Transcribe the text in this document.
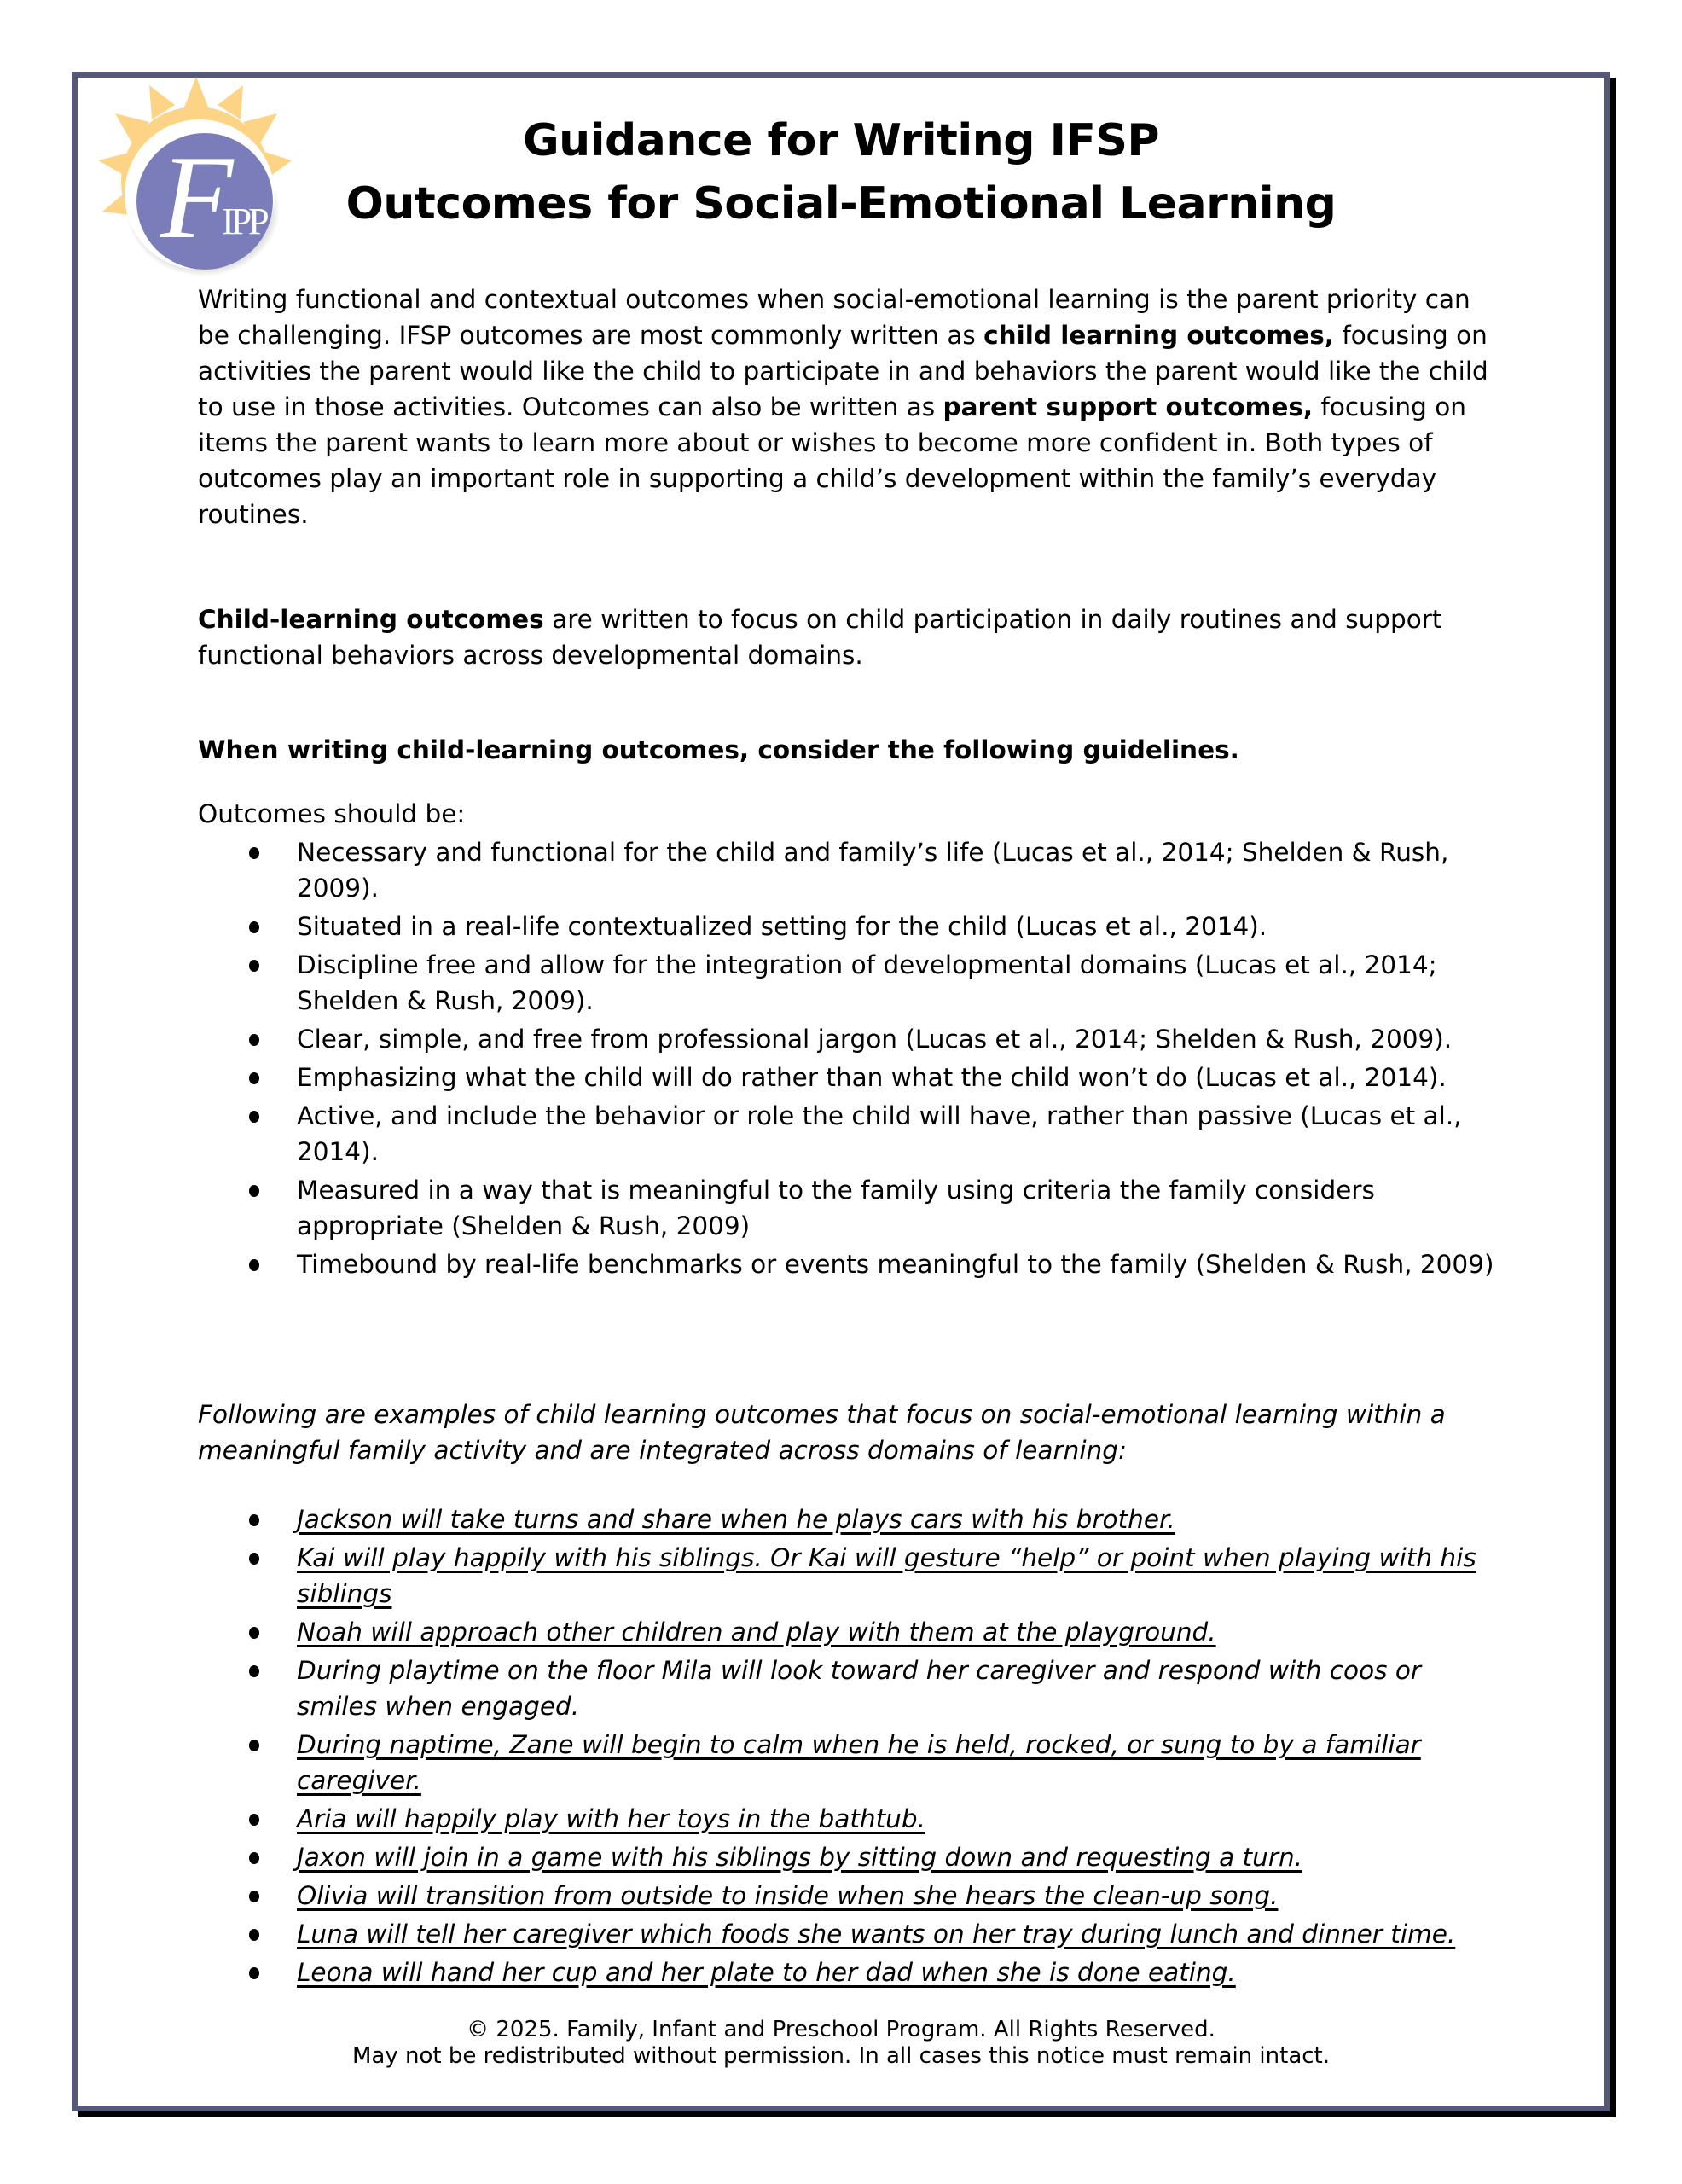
F
IPP
Guidance for Writing IFSP
Outcomes for Social-Emotional Learning

Writing functional and contextual outcomes when social-emotional learning is the parent priority can be challenging. IFSP outcomes are most commonly written as child learning outcomes, focusing on activities the parent would like the child to participate in and behaviors the parent would like the child to use in those activities. Outcomes can also be written as parent support outcomes, focusing on items the parent wants to learn more about or wishes to become more confident in. Both types of outcomes play an important role in supporting a child’s development within the family’s everyday routines.

Child-learning outcomes are written to focus on child participation in daily routines and support functional behaviors across developmental domains.

When writing child-learning outcomes, consider the following guidelines.

Outcomes should be:

Necessary and functional for the child and family’s life (Lucas et al., 2014; Shelden & Rush, 2009).
Situated in a real-life contextualized setting for the child (Lucas et al., 2014).
Discipline free and allow for the integration of developmental domains (Lucas et al., 2014; Shelden & Rush, 2009).
Clear, simple, and free from professional jargon (Lucas et al., 2014; Shelden & Rush, 2009).
Emphasizing what the child will do rather than what the child won’t do (Lucas et al., 2014).
Active, and include the behavior or role the child will have, rather than passive (Lucas et al., 2014).
Measured in a way that is meaningful to the family using criteria the family considers appropriate (Shelden & Rush, 2009)
Timebound by real-life benchmarks or events meaningful to the family (Shelden & Rush, 2009)

Following are examples of child learning outcomes that focus on social-emotional learning within a meaningful family activity and are integrated across domains of learning:

Jackson will take turns and share when he plays cars with his brother.
Kai will play happily with his siblings. Or Kai will gesture “help” or point when playing with his siblings
Noah will approach other children and play with them at the playground.
During playtime on the floor Mila will look toward her caregiver and respond with coos or smiles when engaged.
During naptime, Zane will begin to calm when he is held, rocked, or sung to by a familiar caregiver.
Aria will happily play with her toys in the bathtub.
Jaxon will join in a game with his siblings by sitting down and requesting a turn.
Olivia will transition from outside to inside when she hears the clean-up song.
Luna will tell her caregiver which foods she wants on her tray during lunch and dinner time.
Leona will hand her cup and her plate to her dad when she is done eating.
© 2025. Family, Infant and Preschool Program. All Rights Reserved.
May not be redistributed without permission. In all cases this notice must remain intact.
